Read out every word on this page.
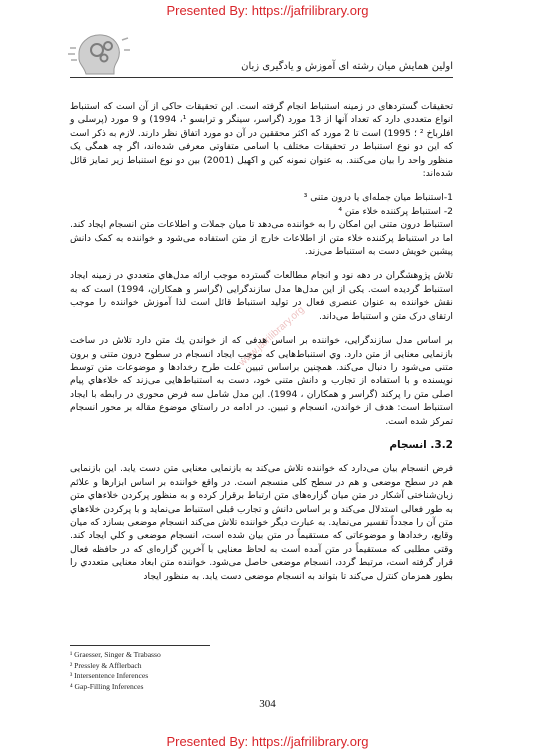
Presented By: https://jafrilibrary.org
اولین همایش میان رشته ای آموزش و یادگیری زبان
www.jafrilibrary.org

تحقیقات گستردهای در زمینه استنباط انجام گرفته است. این تحقیقات حاکی از آن است که استنباط انواع متعددی دارد که تعداد آنها از 13 مورد (گراسر، سینگر و ترابسو ¹، 1994) و 9 مورد (پرسلی و افلرباخ ² ؛ 1995) است تا 2 مورد که اکثر محققین در آن دو مورد اتفاق نظر دارند. لازم به ذکر است که این دو نوع استنباط در تحقیقات مختلف با اسامی متفاوتی معرفی شده‌اند، اگر چه همگی یک منظور واحد را بیان می‌کنند. به عنوان نمونه کین و اکهیل (2001) بین دو نوع استنباط زیر تمایز قائل شده‌اند:

1-استنباط میان جمله‌ای یا درون متنی ³
2- استنباط پرکننده خلاء متن ⁴

استنباط درون متنی این امکان را به خواننده می‌دهد تا میان جملات و اطلاعات متن انسجام ایجاد کند. اما در استنباط پرکننده خلاء متن از اطلاعات خارج از متن استفاده می‌شود و خواننده به کمک دانش پیشین خویش دست به استنباط می‌زند.

تلاش پژوهشگران در دهه نود و انجام مطالعات گسترده موجب ارائه مدل‌هاي متعددي در زمینه ایجاد استنباط گردیده است. یکی از این مدل‌ها مدل سازندگرایی (گراسر و همکاران، 1994) است که به نقش خواننده به عنوان عنصری فعال در تولید استنباط قائل است لذا آموزش خواننده را موجب ارتقای درک متن و استنباط می‌داند.

بر اساس مدل سازندگرایی، خواننده بر اساس هدفی که از خواندن یك متن دارد تلاش در ساخت بازنمایی معنایی از متن دارد. وي استنباط‌هایی که موجب ایجاد انسجام در سطوح درون متنی و برون متنی می‌شود را دنبال می‌کند. همچنین براساس تبیین علت طرح رخدادها و موضوعات متن توسط نویسنده و با استفاده از تجارب و دانش متنی خود، دست به استنباط‌هایی می‌زند که خلاءهاي پیام اصلی متن را پرکند (گراسر و همکاران ، 1994). این مدل شامل سه فرض محوری در رابطه با ایجاد استنباط است: هدف از خواندن، انسجام و تبیین. در ادامه در راستاي موضوع مقاله بر محور انسجام تمرکز شده است.

3.2. انسجام

فرض انسجام بیان می‌دارد که خواننده تلاش می‌کند به بازنمایی معنایی متن دست یابد. این بازنمایی هم در سطح موضعی و هم در سطح کلی منسجم است. در واقع خواننده بر اساس ابزارها و علائم زبان‌شناختی آشکار در متن میان گزاره‌های متن ارتباط برقرار کرده و به منظور پرکردن خلاءهاي متن به طور فعالی استدلال می‌کند و بر اساس دانش و تجارب قبلی استنباط می‌نماید و با پرکردن خلاءهاي متن آن را مجدداً تفسیر می‌نماید. به عبارت دیگر خواننده تلاش می‌کند انسجام موضعی بسازد که میان وقایع، رخدادها و موضوعاتی که مستقیماً در متن بیان شده است، انسجام موضعی و کلي ایجاد کند. وقتی مطلبی که مستقیماً در متن آمده است به لحاظ معنایی با آخرین گزاره‌ای که در حافظه فعال قرار گرفته است، مرتبط گردد، انسجام موضعی حاصل می‌شود. خواننده متن ابعاد معنایی متعددي را بطور همزمان کنترل می‌کند تا بتواند به انسجام موضعی دست یابد. به منظور ایجاد

¹ Graesser, Singer & Trabasso
² Pressley & Afflerbach
³ Intersentence Inferences
⁴ Gap-Filling Inferences
304
Presented By: https://jafrilibrary.org
